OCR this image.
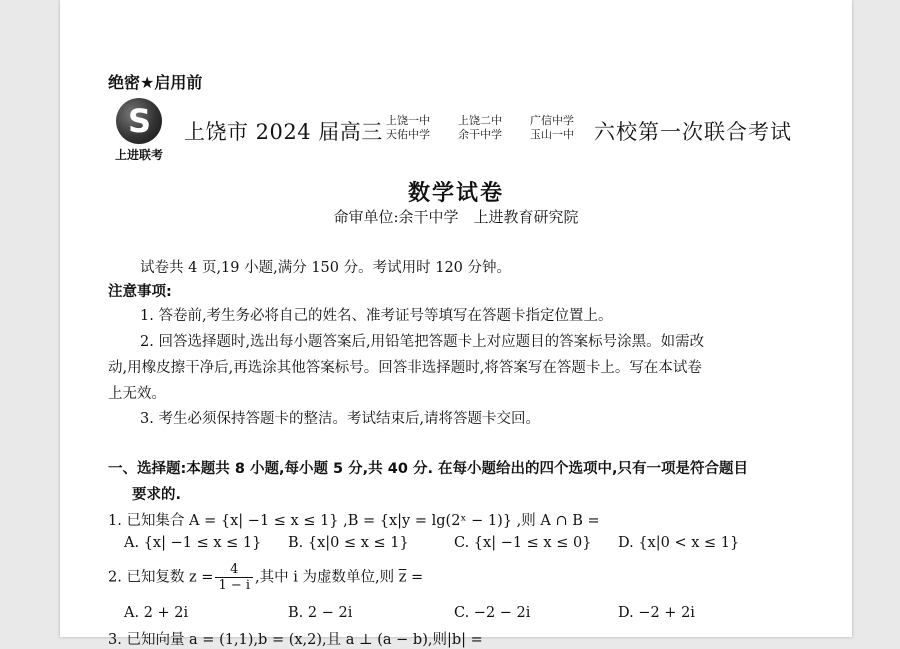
绝密★启用前
S
上进联考
上饶市 2024 届高三 上饶一中
天佑中学
上饶二中
余干中学
广信中学
玉山一中 六校第一次联合考试
数学试卷
命审单位:余干中学　上进教育研究院
试卷共 4 页,19 小题,满分 150 分。考试用时 120 分钟。
注意事项:
1. 答卷前,考生务必将自己的姓名、准考证号等填写在答题卡指定位置上。
2. 回答选择题时,选出每小题答案后,用铅笔把答题卡上对应题目的答案标号涂黑。如需改
动,用橡皮擦干净后,再选涂其他答案标号。回答非选择题时,将答案写在答题卡上。写在本试卷
上无效。
3. 考生必须保持答题卡的整洁。考试结束后,请将答题卡交回。
一、选择题:本题共 8 小题,每小题 5 分,共 40 分. 在每小题给出的四个选项中,只有一项是符合题目
要求的.
1. 已知集合 A = {x| −1 ≤ x ≤ 1} ,B = {x|y = lg(2ˣ − 1)} ,则 A ∩ B =
A. {x| −1 ≤ x ≤ 1} B. {x|0 ≤ x ≤ 1}	C. {x| −1 ≤ x ≤ 0} D. {x|0 < x ≤ 1}
2. 已知复数 $z = \frac{4}{1 - i}$ ,其中 i 为虚数单位,则 $\overline{z}$ =
A. 2 + 2i	B. 2 − 2i	C. −2 − 2i	D. −2 + 2i
3. 已知向量 a = (1,1),b = (x,2),且 a ⊥ (a − b),则|b| =
